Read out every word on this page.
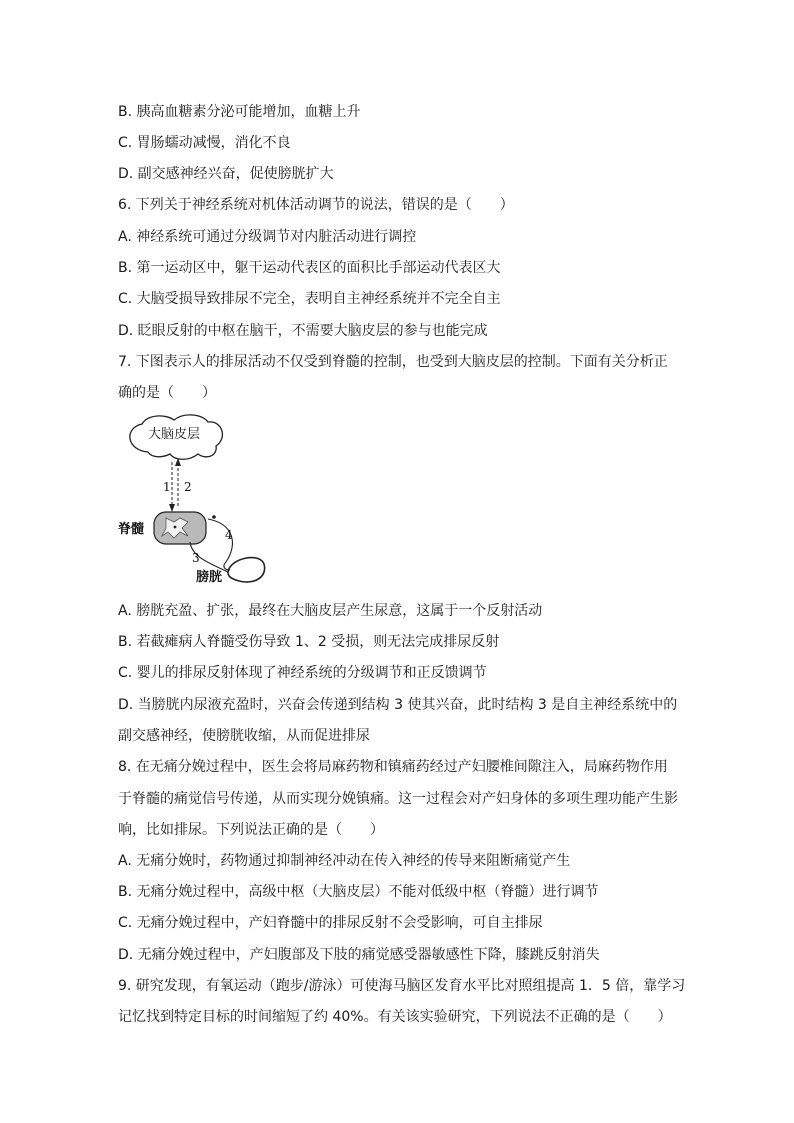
B. 胰高血糖素分泌可能增加，血糖上升
C. 胃肠蠕动减慢，消化不良
D. 副交感神经兴奋，促使膀胱扩大
6. 下列关于神经系统对机体活动调节的说法，错误的是（　　）
A. 神经系统可通过分级调节对内脏活动进行调控
B. 第一运动区中，躯干运动代表区的面积比手部运动代表区大
C. 大脑受损导致排尿不完全，表明自主神经系统并不完全自主
D. 眨眼反射的中枢在脑干，不需要大脑皮层的参与也能完成
7. 下图表示人的排尿活动不仅受到脊髓的控制，也受到大脑皮层的控制。下面有关分析正
确的是（　　）
大脑皮层
1 2
脊髓	4
3
膀胱
A. 膀胱充盈、扩张，最终在大脑皮层产生尿意，这属于一个反射活动
B. 若截瘫病人脊髓受伤导致 1、2 受损，则无法完成排尿反射
C. 婴儿的排尿反射体现了神经系统的分级调节和正反馈调节
D. 当膀胱内尿液充盈时，兴奋会传递到结构 3 使其兴奋，此时结构 3 是自主神经系统中的
副交感神经，使膀胱收缩，从而促进排尿
8. 在无痛分娩过程中，医生会将局麻药物和镇痛药经过产妇腰椎间隙注入，局麻药物作用
于脊髓的痛觉信号传递，从而实现分娩镇痛。这一过程会对产妇身体的多项生理功能产生影
响，比如排尿。下列说法正确的是（　　）
A. 无痛分娩时，药物通过抑制神经冲动在传入神经的传导来阻断痛觉产生
B. 无痛分娩过程中，高级中枢（大脑皮层）不能对低级中枢（脊髓）进行调节
C. 无痛分娩过程中，产妇脊髓中的排尿反射不会受影响，可自主排尿
D. 无痛分娩过程中，产妇腹部及下肢的痛觉感受器敏感性下降，膝跳反射消失
9. 研究发现，有氧运动（跑步/游泳）可使海马脑区发育水平比对照组提高 1．5 倍，靠学习
记忆找到特定目标的时间缩短了约 40%。有关该实验研究，下列说法不正确的是（　　）
